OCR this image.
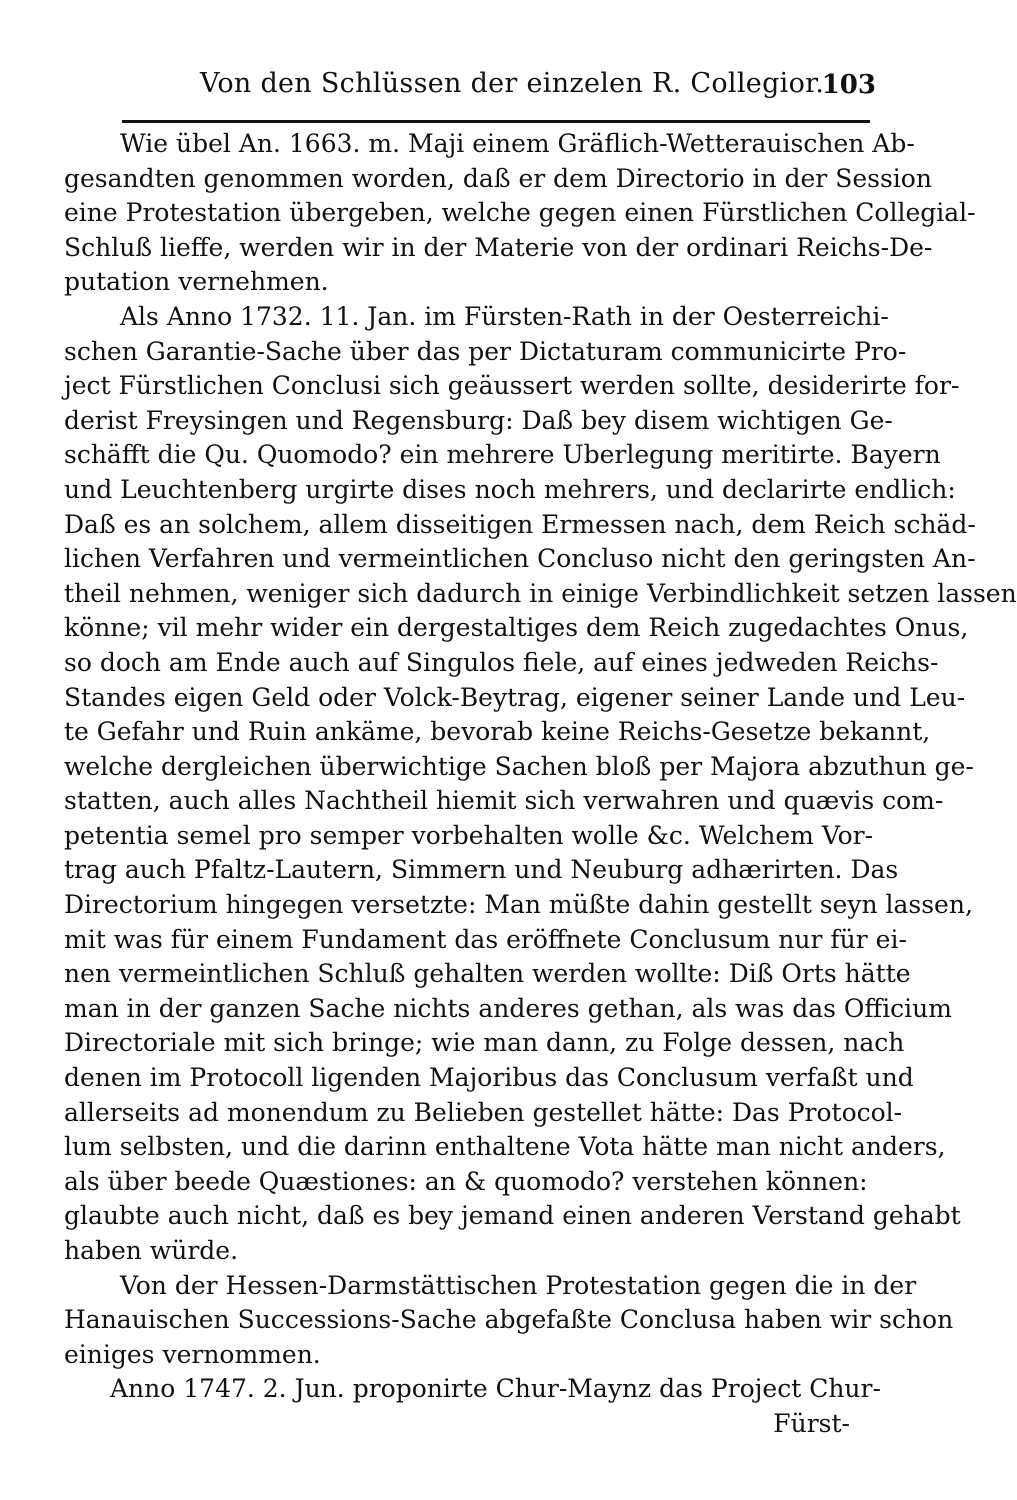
Von den Schlüssen der einzelen R. Collegior.
103

Wie übel An. 1663. m. Maji einem Gräflich-Wetterauischen Ab-
gesandten genommen worden, daß er dem Directorio in der Session
eine Protestation übergeben, welche gegen einen Fürstlichen Collegial-
Schluß lieffe, werden wir in der Materie von der ordinari Reichs-De-
putation vernehmen.

Als Anno 1732. 11. Jan. im Fürsten-Rath in der Oesterreichi-
schen Garantie-Sache über das per Dictaturam communicirte Pro-
ject Fürstlichen Conclusi sich geäussert werden sollte, desiderirte for-
derist Freysingen und Regensburg: Daß bey disem wichtigen Ge-
schäfft die Qu. Quomodo? ein mehrere Uberlegung meritirte. Bayern
und Leuchtenberg urgirte dises noch mehrers, und declarirte endlich:
Daß es an solchem, allem disseitigen Ermessen nach, dem Reich schäd-
lichen Verfahren und vermeintlichen Concluso nicht den geringsten An-
theil nehmen, weniger sich dadurch in einige Verbindlichkeit setzen lassen
könne; vil mehr wider ein dergestaltiges dem Reich zugedachtes Onus,
so doch am Ende auch auf Singulos fiele, auf eines jedweden Reichs-
Standes eigen Geld oder Volck-Beytrag, eigener seiner Lande und Leu-
te Gefahr und Ruin ankäme, bevorab keine Reichs-Gesetze bekannt,
welche dergleichen überwichtige Sachen bloß per Majora abzuthun ge-
statten, auch alles Nachtheil hiemit sich verwahren und quævis com-
petentia semel pro semper vorbehalten wolle &c. Welchem Vor-
trag auch Pfaltz-Lautern, Simmern und Neuburg adhærirten. Das
Directorium hingegen versetzte: Man müßte dahin gestellt seyn lassen,
mit was für einem Fundament das eröffnete Conclusum nur für ei-
nen vermeintlichen Schluß gehalten werden wollte: Diß Orts hätte
man in der ganzen Sache nichts anderes gethan, als was das Officium
Directoriale mit sich bringe; wie man dann, zu Folge dessen, nach
denen im Protocoll ligenden Majoribus das Conclusum verfaßt und
allerseits ad monendum zu Belieben gestellet hätte: Das Protocol-
lum selbsten, und die darinn enthaltene Vota hätte man nicht anders,
als über beede Quæstiones: an & quomodo? verstehen können:
glaubte auch nicht, daß es bey jemand einen anderen Verstand gehabt
haben würde.

Von der Hessen-Darmstättischen Protestation gegen die in der
Hanauischen Successions-Sache abgefaßte Conclusa haben wir schon
einiges vernommen.

Anno 1747. 2. Jun. proponirte Chur-Maynz das Project Chur-

Fürst-
